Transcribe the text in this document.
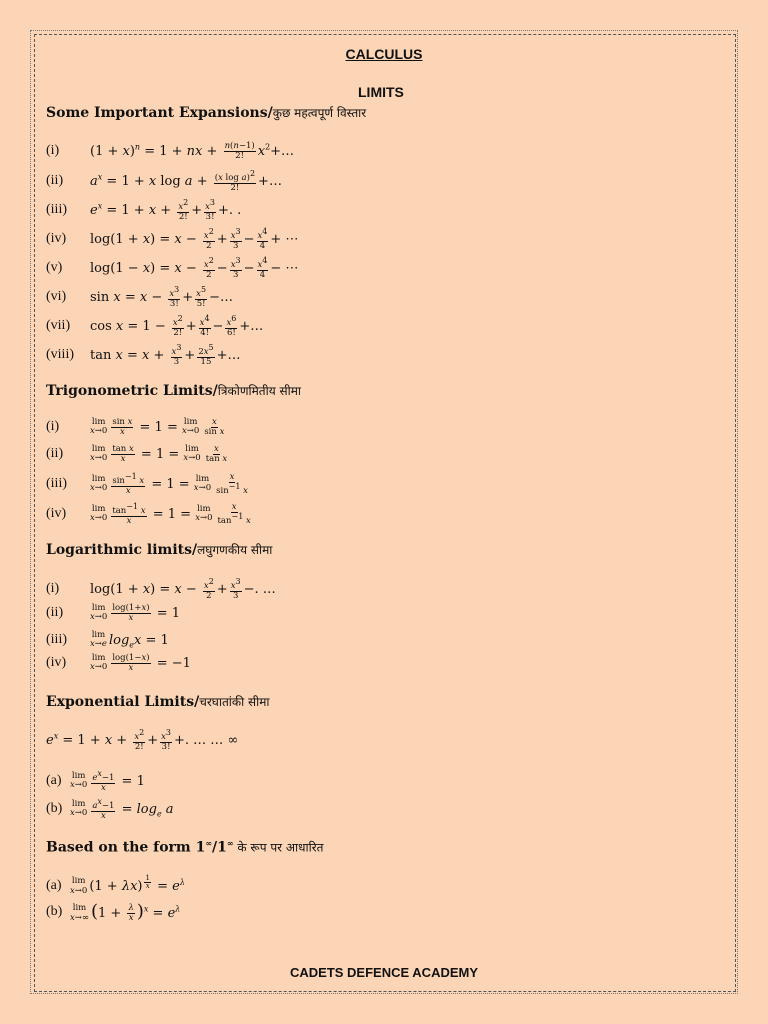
CALCULUS
LIMITS
Some Important Expansions/कुछ महत्वपूर्ण विस्तार
(i)	$(1 + x)^n = 1$ + nx + $\frac{n(n-1)}{2!}$ $x^2+\dots$
(ii)	$a^x = 1 + x$ $\log a + \frac{(x \log a)^2}{2!}$ +…
(iii)	$e^x = 1 + x + \frac{x^2}{2!} + \frac{x^3}{3!}$ +. .
(iv)	$\log(1 + x) = x - \frac{x^2}{2} + \frac{x^3}{3} - \frac{x^4}{4}$ + ⋯
(v)	$\log(1 - x) = x - \frac{x^2}{2} - \frac{x^3}{3} - \frac{x^4}{4}$ − ⋯
(vi)	$\sin x = x - \frac{x^3}{3!} + \frac{x^5}{5!}$ −…
(vii)	$\cos x = 1 - \frac{x^2}{2!} + \frac{x^4}{4!} - \frac{x^6}{6!}$ +…
(viii)	$\tan x = x + \frac{x^3}{3} + \frac{2x^5}{15}$ +…
Trigonometric Limits/त्रिकोणमितीय सीमा
(i)	lim
$x\to 0 \frac{\text{sin x}}{x} = 1 = \lim$
$x\to 0 \frac{x}{\text{sin x}}$
(ii)	lim
$x\to 0 \frac{\text{tan x}}{x} = 1 = \lim$
$x\to 0 \frac{x}{\text{tan x}}$
(iii)	lim
$x\to 0 \frac{\sin^{-1} x}{x} = 1 = \lim$
$x\to 0 \frac{x}{\sin^{-1} x}$
(iv)	lim
$x\to 0 \frac{\tan^{-1} x}{x} = 1 = \lim$
$x\to 0 \frac{x}{\tan^{-1} x}$
Logarithmic limits/लघुगणकीय सीमा
(i)	$\log(1 + x) = x - \frac{x^2}{2} + \frac{x^3}{3}$ −. …
(ii)	lim
$x\to 0 \frac{\log(1+x)}{x} = 1$
(iii)	lim
x→e $\log_ex = 1$
(iv)	lim
$x\to 0 \frac{\log(1-x)}{x} = -1$
Exponential Limits/चरघातांकी सीमा
$e^x = 1 + x + \frac{x^2}{2!} + \frac{x^3}{3!}$ +. … … ∞
(a)	lim
$x\to 0 \frac{e^x-1}{x} = 1$
(b)	lim
$x\to 0 \frac{a^x-1}{x} = \log_e a$
Based on the form 1∞/1∞ के रूप पर आधारित
(a)	lim
x→0 (1 + λx) $^{\frac{1}{x}} = e^\lambda$
(b)	lim
x→∞ $(1 + \frac{\lambda}{x} )^x = e^\lambda$
CADETS DEFENCE ACADEMY
